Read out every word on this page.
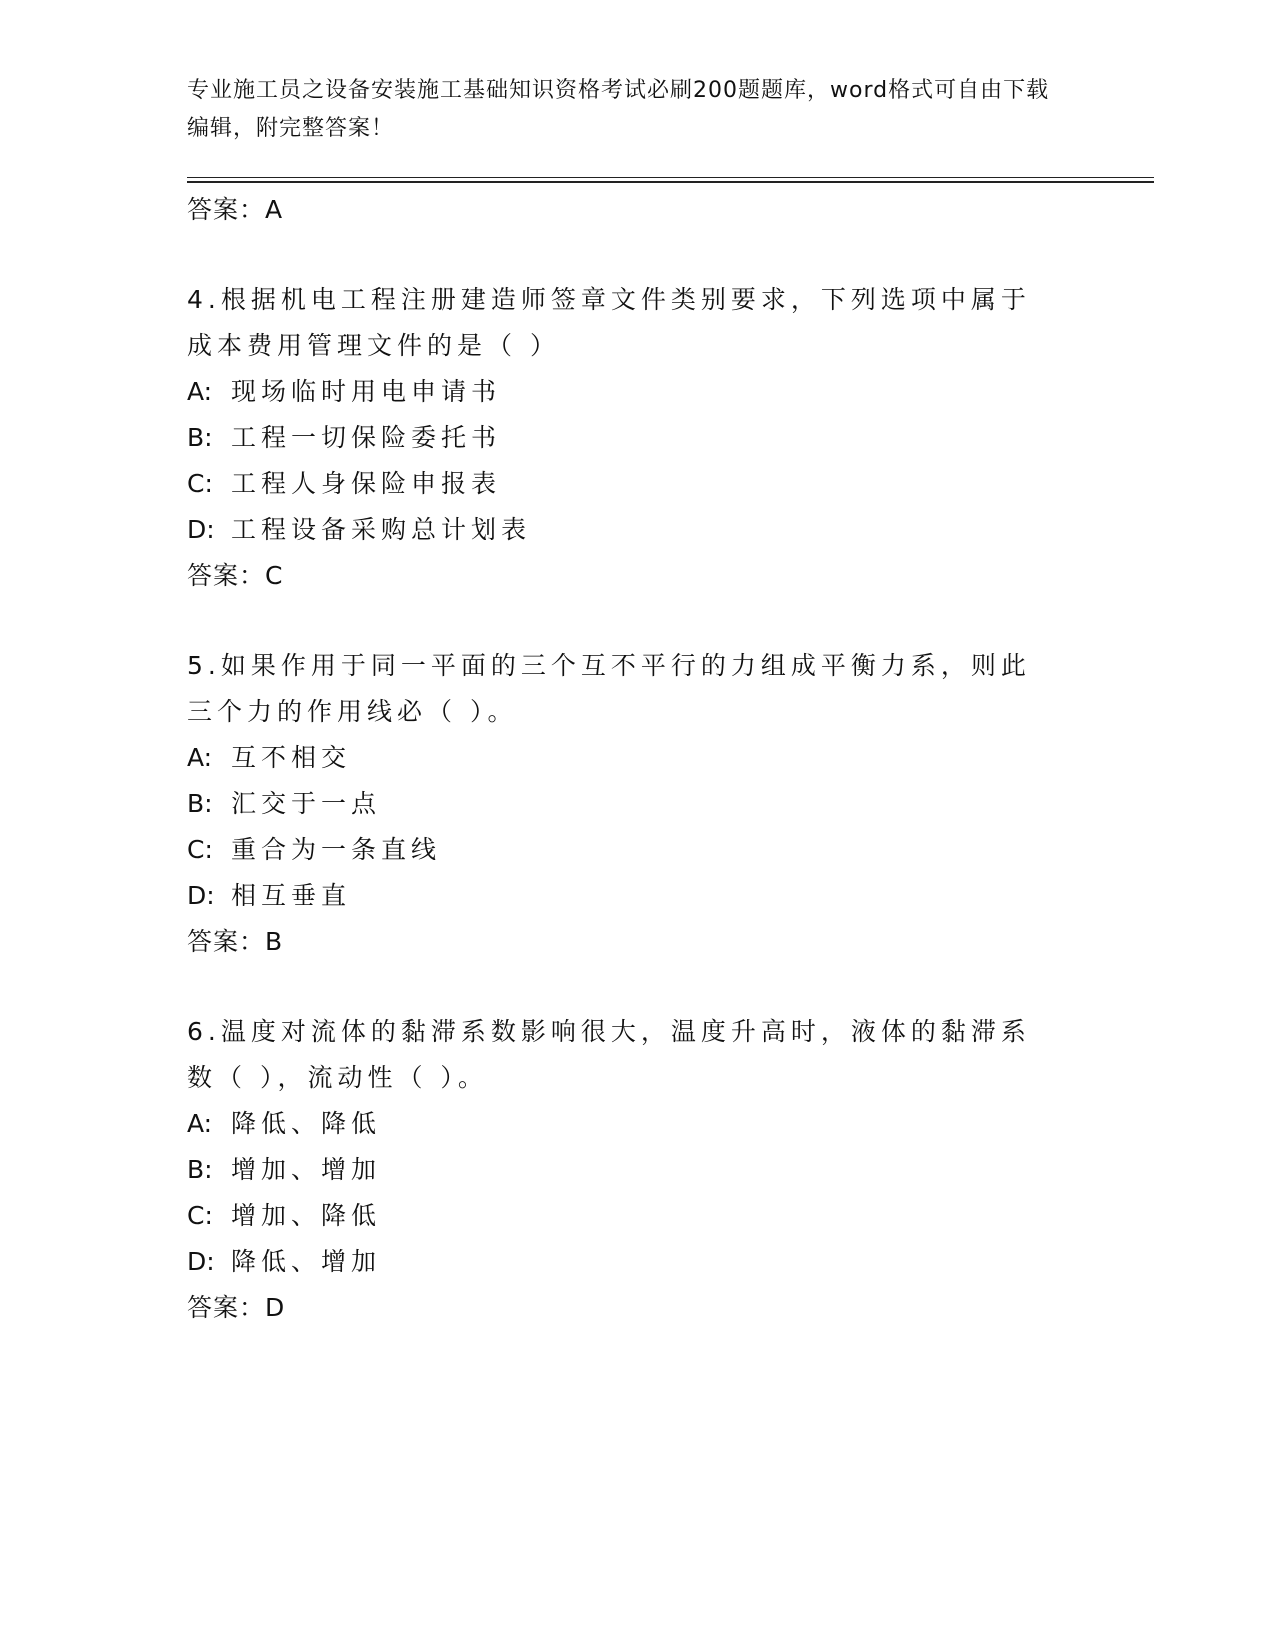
专业施工员之设备安装施工基础知识资格考试必刷200题题库，word格式可自由下载编辑，附完整答案！
答案：A
4.根据机电工程注册建造师签章文件类别要求，下列选项中属于成本费用管理文件的是（ ）
A: 现场临时用电申请书
B: 工程一切保险委托书
C: 工程人身保险申报表
D: 工程设备采购总计划表
答案：C
5.如果作用于同一平面的三个互不平行的力组成平衡力系，则此三个力的作用线必（ ）。
A: 互不相交
B: 汇交于一点
C: 重合为一条直线
D: 相互垂直
答案：B
6.温度对流体的黏滞系数影响很大，温度升高时，液体的黏滞系数（ ），流动性（ ）。
A: 降低、降低
B: 增加、增加
C: 增加、降低
D: 降低、增加
答案：D
